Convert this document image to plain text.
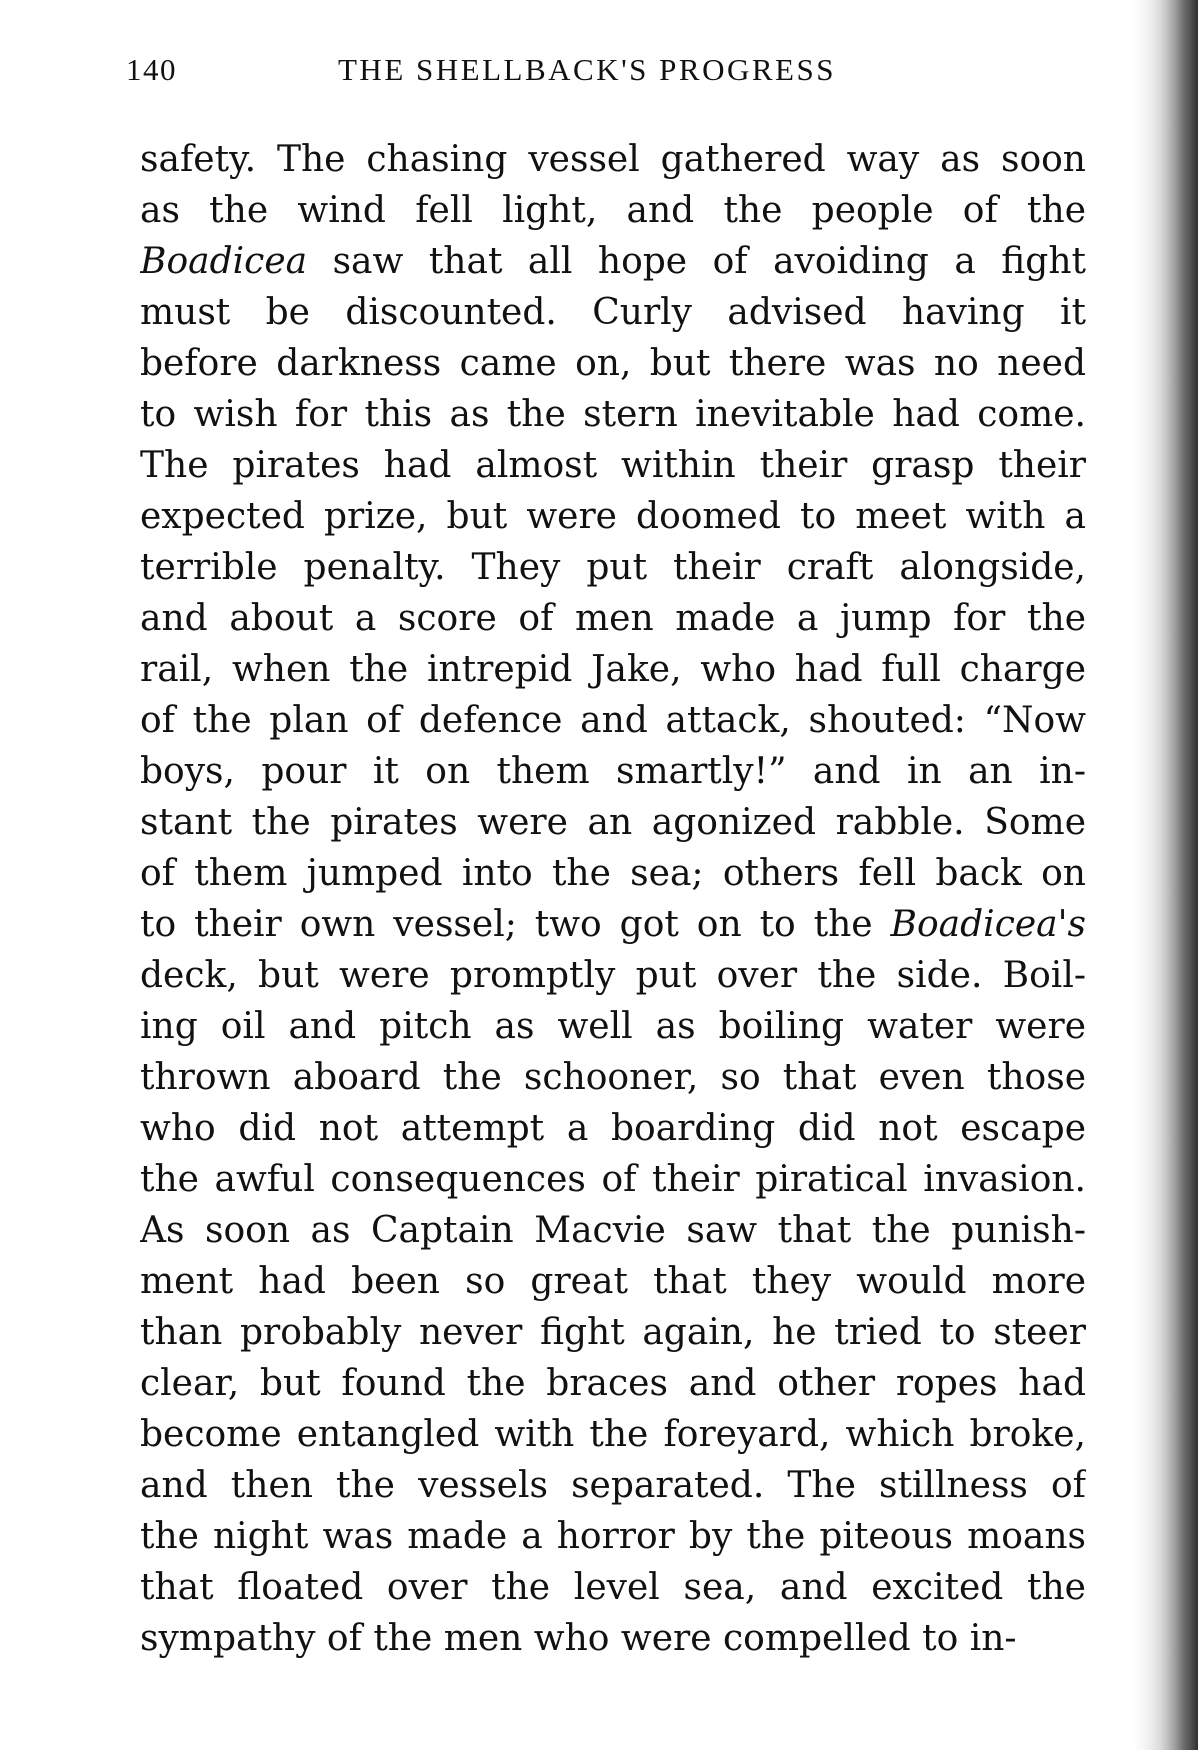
140	THE SHELLBACK'S PROGRESS
safety. The chasing vessel gathered way as soon
as the wind fell light, and the people of the
Boadicea saw that all hope of avoiding a fight
must be discounted. Curly advised having it
before darkness came on, but there was no need
to wish for this as the stern inevitable had come.
The pirates had almost within their grasp their
expected prize, but were doomed to meet with a
terrible penalty. They put their craft alongside,
and about a score of men made a jump for the
rail, when the intrepid Jake, who had full charge
of the plan of defence and attack, shouted: “Now
boys, pour it on them smartly!” and in an in-
stant the pirates were an agonized rabble. Some
of them jumped into the sea; others fell back on
to their own vessel; two got on to the Boadicea's
deck, but were promptly put over the side. Boil-
ing oil and pitch as well as boiling water were
thrown aboard the schooner, so that even those
who did not attempt a boarding did not escape
the awful consequences of their piratical invasion.
As soon as Captain Macvie saw that the punish-
ment had been so great that they would more
than probably never fight again, he tried to steer
clear, but found the braces and other ropes had
become entangled with the foreyard, which broke,
and then the vessels separated. The stillness of
the night was made a horror by the piteous moans
that floated over the level sea, and excited the
sympathy of the men who were compelled to in-
